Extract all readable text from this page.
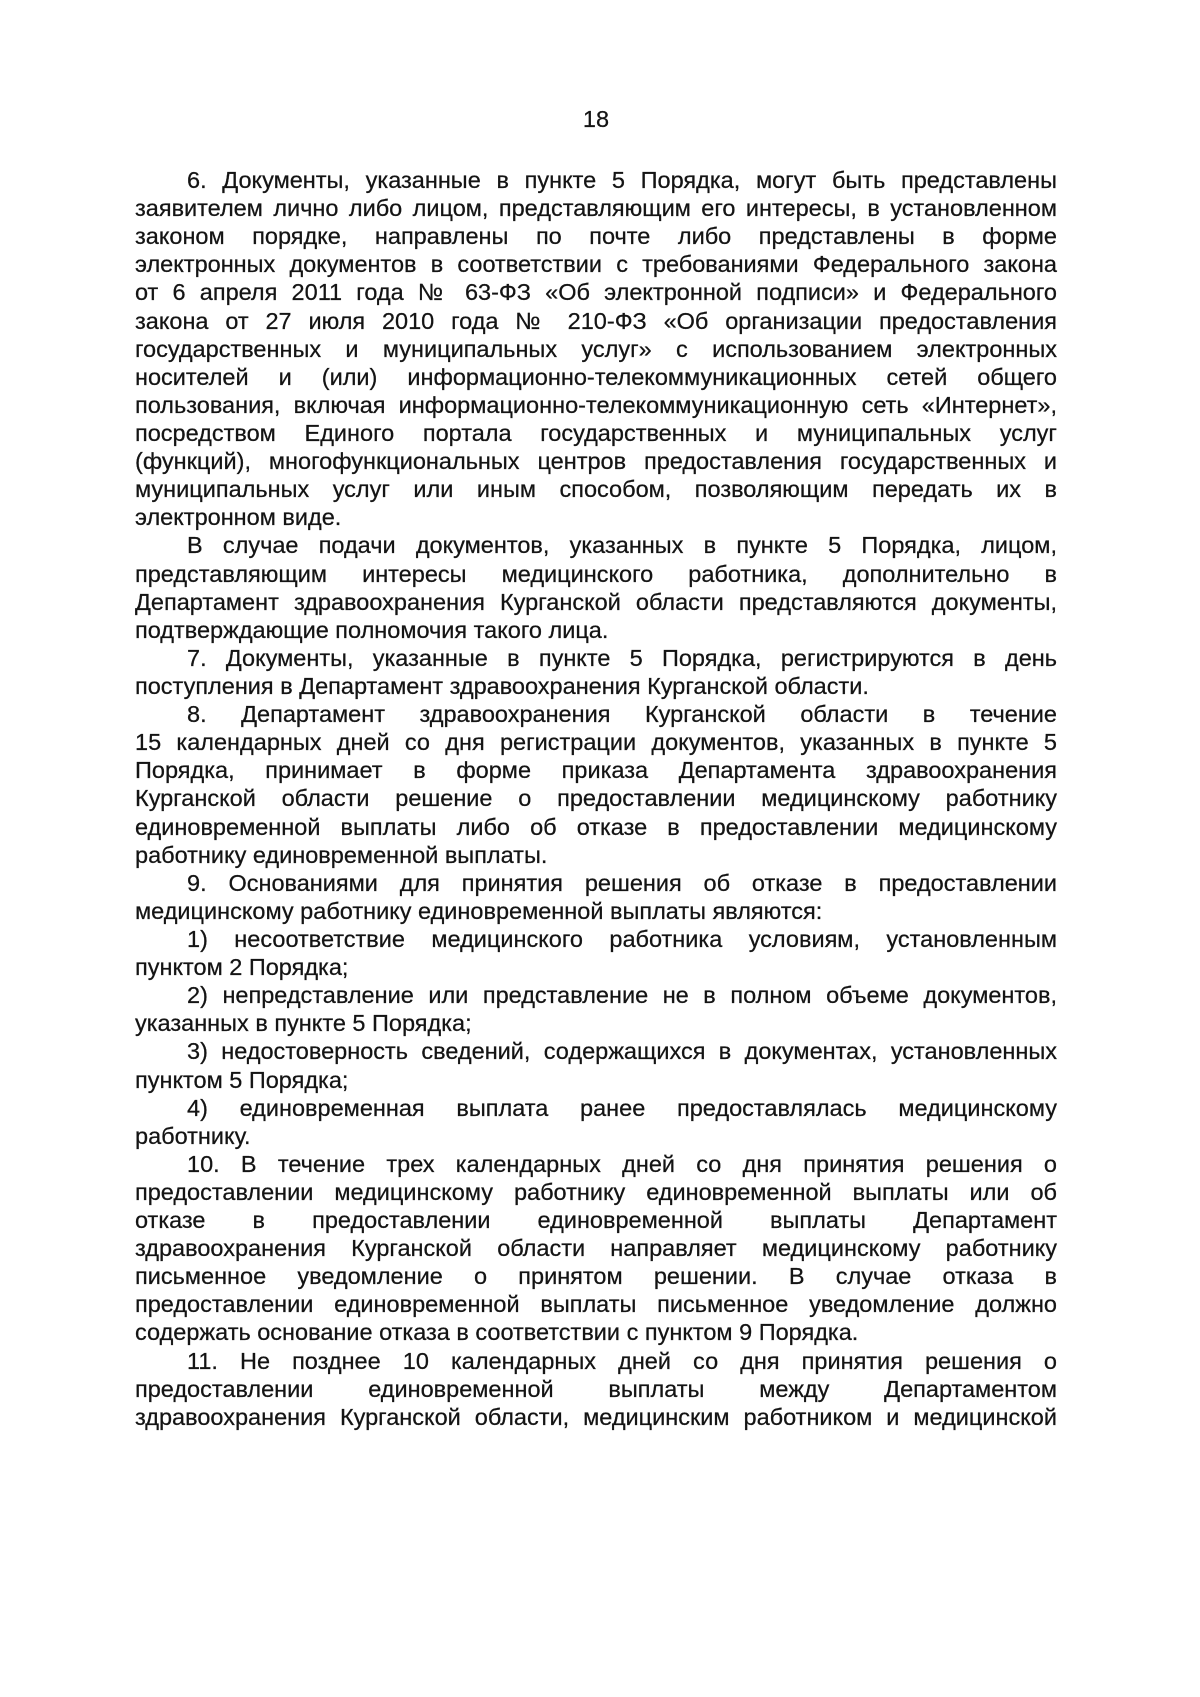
18
6. Документы, указанные в пункте 5 Порядка, могут быть представлены
заявителем лично либо лицом, представляющим его интересы, в установленном
законом порядке, направлены по почте либо представлены в форме
электронных документов в соответствии с требованиями Федерального закона
от 6 апреля 2011 года № 63-ФЗ «Об электронной подписи» и Федерального
закона от 27 июля 2010 года № 210-ФЗ «Об организации предоставления
государственных и муниципальных услуг» с использованием электронных
носителей и (или) информационно-телекоммуникационных сетей общего
пользования, включая информационно-телекоммуникационную сеть «Интернет»,
посредством Единого портала государственных и муниципальных услуг
(функций), многофункциональных центров предоставления государственных и
муниципальных услуг или иным способом, позволяющим передать их в
электронном виде.
В случае подачи документов, указанных в пункте 5 Порядка, лицом,
представляющим интересы медицинского работника, дополнительно в
Департамент здравоохранения Курганской области представляются документы,
подтверждающие полномочия такого лица.
7. Документы, указанные в пункте 5 Порядка, регистрируются в день
поступления в Департамент здравоохранения Курганской области.
8. Департамент здравоохранения Курганской области в течение
15 календарных дней со дня регистрации документов, указанных в пункте 5
Порядка, принимает в форме приказа Департамента здравоохранения
Курганской области решение о предоставлении медицинскому работнику
единовременной выплаты либо об отказе в предоставлении медицинскому
работнику единовременной выплаты.
9. Основаниями для принятия решения об отказе в предоставлении
медицинскому работнику единовременной выплаты являются:
1) несоответствие медицинского работника условиям, установленным
пунктом 2 Порядка;
2) непредставление или представление не в полном объеме документов,
указанных в пункте 5 Порядка;
3) недостоверность сведений, содержащихся в документах, установленных
пунктом 5 Порядка;
4) единовременная выплата ранее предоставлялась медицинскому
работнику.
10. В течение трех календарных дней со дня принятия решения о
предоставлении медицинскому работнику единовременной выплаты или об
отказе в предоставлении единовременной выплаты Департамент
здравоохранения Курганской области направляет медицинскому работнику
письменное уведомление о принятом решении. В случае отказа в
предоставлении единовременной выплаты письменное уведомление должно
содержать основание отказа в соответствии с пунктом 9 Порядка.
11. Не позднее 10 календарных дней со дня принятия решения о
предоставлении единовременной выплаты между Департаментом
здравоохранения Курганской области, медицинским работником и медицинской
